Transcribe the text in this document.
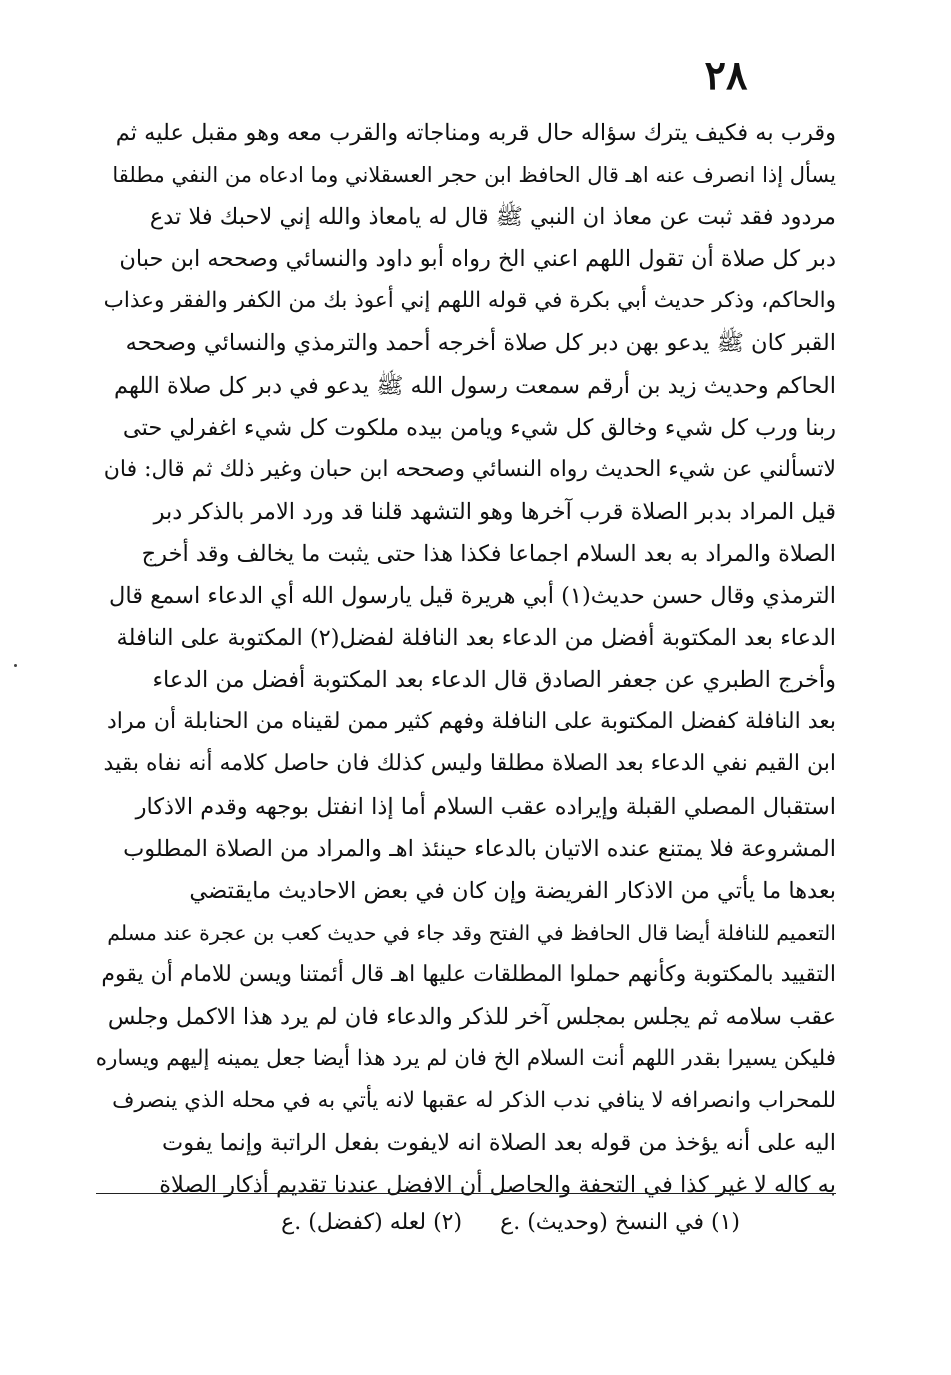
٢٨
وقرب به فكيف يترك سؤاله حال قربه ومناجاته والقرب معه وهو مقبل عليه ثم
يسأل إذا انصرف عنه اهـ قال الحافظ ابن حجر العسقلاني وما ادعاه من النفي مطلقا
مردود فقد ثبت عن معاذ ان النبي ﷺ قال له يامعاذ والله إني لاحبك فلا تدع
دبر كل صلاة أن تقول اللهم اعني الخ رواه أبو داود والنسائي وصححه ابن حبان
والحاكم، وذكر حديث أبي بكرة في قوله اللهم إني أعوذ بك من الكفر والفقر وعذاب
القبر كان ﷺ يدعو بهن دبر كل صلاة أخرجه أحمد والترمذي والنسائي وصححه
الحاكم وحديث زيد بن أرقم سمعت رسول الله ﷺ يدعو في دبر كل صلاة اللهم
ربنا ورب كل شيء وخالق كل شيء ويامن بيده ملكوت كل شيء اغفرلي حتى
لاتسألني عن شيء الحديث رواه النسائي وصححه ابن حبان وغير ذلك ثم قال: فان
قيل المراد بدبر الصلاة قرب آخرها وهو التشهد قلنا قد ورد الامر بالذكر دبر
الصلاة والمراد به بعد السلام اجماعا فكذا هذا حتى يثبت ما يخالف وقد أخرج
الترمذي وقال حسن حديث(١) أبي هريرة قيل يارسول الله أي الدعاء اسمع قال
الدعاء بعد المكتوبة أفضل من الدعاء بعد النافلة لفضل(٢) المكتوبة على النافلة
وأخرج الطبري عن جعفر الصادق قال الدعاء بعد المكتوبة أفضل من الدعاء
بعد النافلة كفضل المكتوبة على النافلة وفهم كثير ممن لقيناه من الحنابلة أن مراد
ابن القيم نفي الدعاء بعد الصلاة مطلقا وليس كذلك فان حاصل كلامه أنه نفاه بقيد
استقبال المصلي القبلة وإيراده عقب السلام أما إذا انفتل بوجهه وقدم الاذكار
المشروعة فلا يمتنع عنده الاتيان بالدعاء حينئذ اهـ والمراد من الصلاة المطلوب
بعدها ما يأتي من الاذكار الفريضة وإن كان في بعض الاحاديث مايقتضي
التعميم للنافلة أيضا قال الحافظ في الفتح وقد جاء في حديث كعب بن عجرة عند مسلم
التقييد بالمكتوبة وكأنهم حملوا المطلقات عليها اهـ قال أئمتنا ويسن للامام أن يقوم
عقب سلامه ثم يجلس بمجلس آخر للذكر والدعاء فان لم يرد هذا الاكمل وجلس
فليكن يسيرا بقدر اللهم أنت السلام الخ فان لم يرد هذا أيضا جعل يمينه إليهم ويساره
للمحراب وانصرافه لا ينافي ندب الذكر له عقبها لانه يأتي به في محله الذي ينصرف
اليه على أنه يؤخذ من قوله بعد الصلاة انه لايفوت بفعل الراتبة وإنما يفوت
به كاله لا غير كذا في التحفة والحاصل أن الافضل عندنا تقديم أذكار الصلاة
(١) في النسخ (وحديث) .ع(٢) لعله (كفضل) .ع
